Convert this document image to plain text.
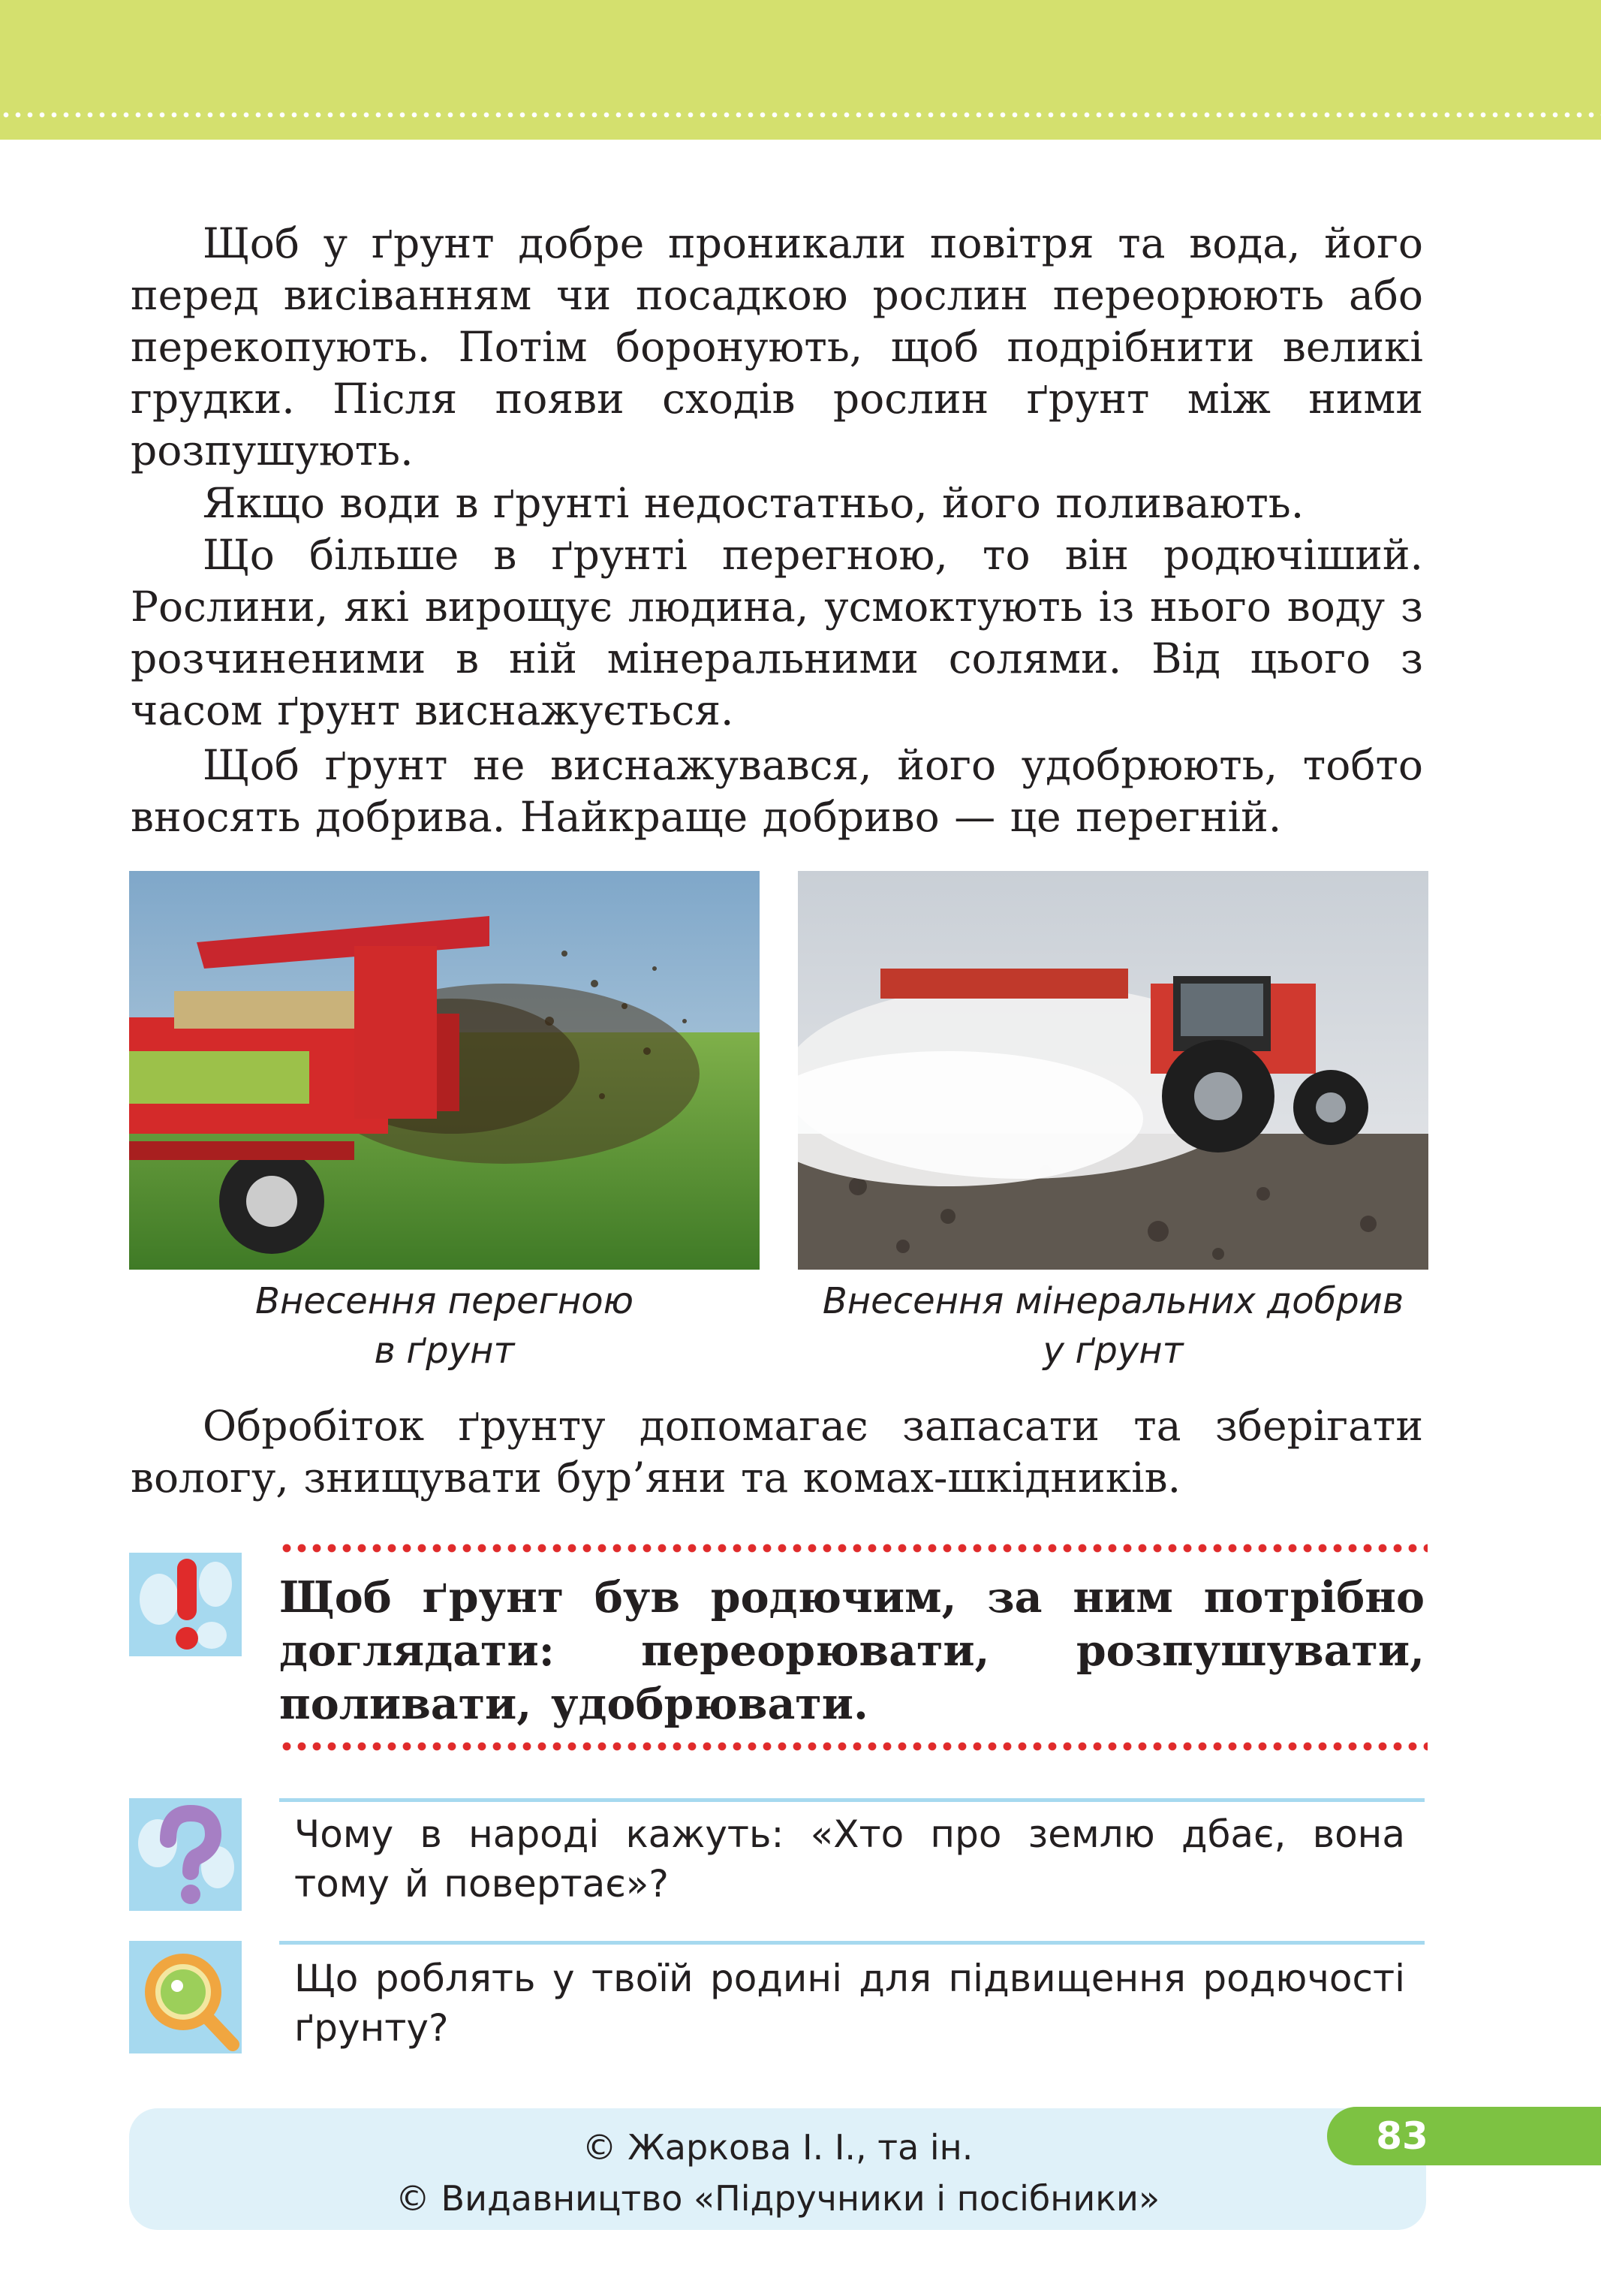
Щоб у ґрунт добре проникали повітря та вода, його перед висіванням чи посадкою рослин переорюють або перекопують. Потім боронують, щоб подрібнити великі грудки. Після появи сходів рослин ґрунт між ними розпушують.

Якщо води в ґрунті недостатньо, його поливають.

Що більше в ґрунті перегною, то він родючіший. Рослини, які вирощує людина, усмоктують із нього воду з розчиненими в ній мінеральними солями. Від цього з часом ґрунт виснажується.

Щоб ґрунт не виснажувався, його удобрюють, тобто вносять добрива. Найкраще добриво — це перегній.

Внесення перегною
в ґрунт
Внесення мінеральних добрив
у ґрунт

Обробіток ґрунту допомагає запасати та зберігати вологу, знищувати бур’яни та комах-шкідників.

Щоб ґрунт був родючим, за ним потрібно доглядати: переорювати, розпушувати, поливати, удобрювати.

Чому в народі кажуть: «Хто про землю дбає, вона тому й повертає»?

Що роблять у твоїй родині для підвищення родючості ґрунту?

© Жаркова І. І., та ін.
© Видавництво «Підручники і посібники»
83
